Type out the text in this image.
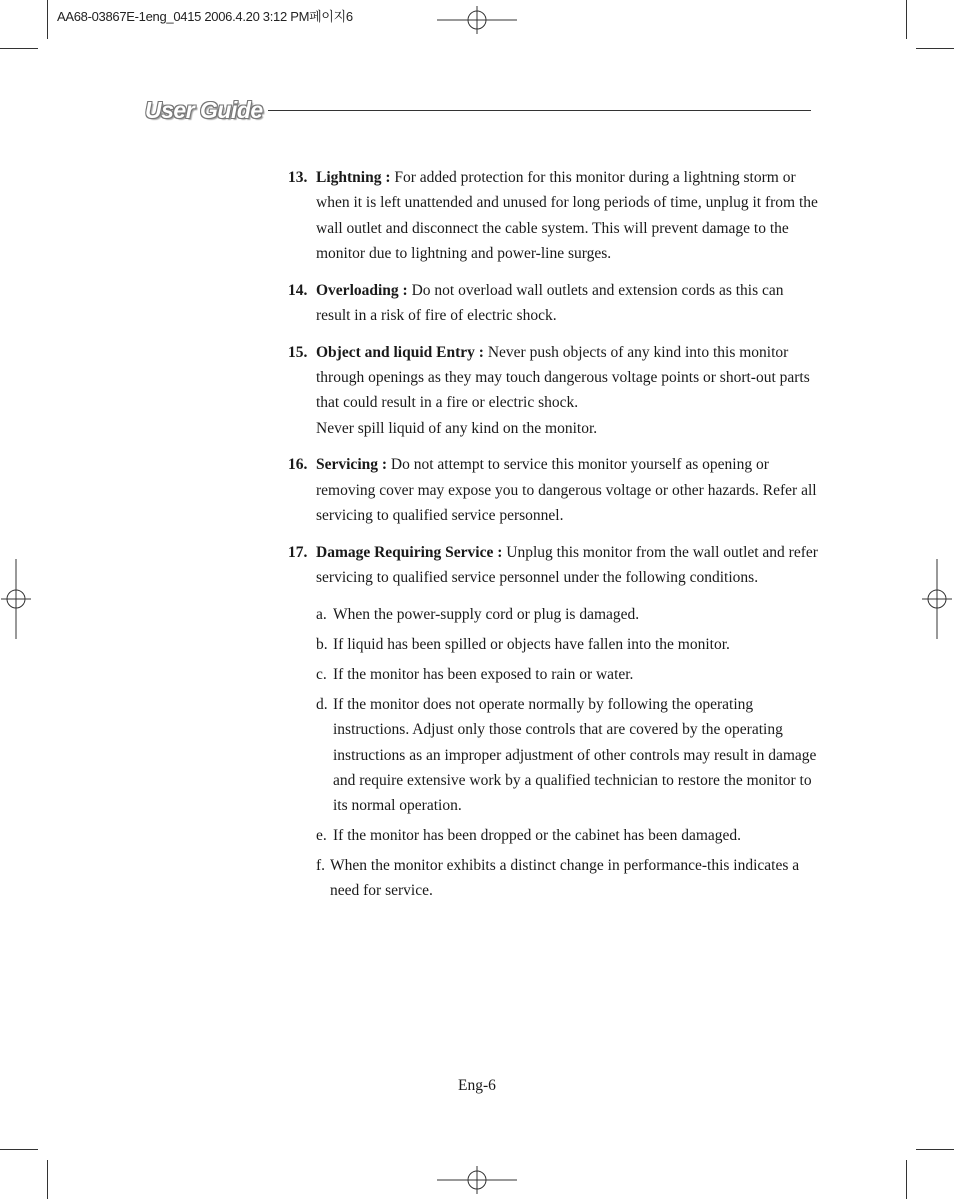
AA68-03867E-1eng_0415 2006.4.20 3:12 PM페이지6
User Guide
13. Lightning : For added protection for this monitor during a lightning storm or when it is left unattended and unused for long periods of time, unplug it from the wall outlet and disconnect the cable system. This will prevent damage to the monitor due to lightning and power-line surges.
14. Overloading : Do not overload wall outlets and extension cords as this can result in a risk of fire of electric shock.
15. Object and liquid Entry : Never push objects of any kind into this monitor through openings as they may touch dangerous voltage points or short-out parts that could result in a fire or electric shock.
Never spill liquid of any kind on the monitor.
16. Servicing : Do not attempt to service this monitor yourself as opening or removing cover may expose you to dangerous voltage or other hazards. Refer all servicing to qualified service personnel.
17. Damage Requiring Service : Unplug this monitor from the wall outlet and refer servicing to qualified service personnel under the following conditions.
a. When the power-supply cord or plug is damaged.
b. If liquid has been spilled or objects have fallen into the monitor.
c. If the monitor has been exposed to rain or water.
d. If the monitor does not operate normally by following the operating instructions. Adjust only those controls that are covered by the operating instructions as an improper adjustment of other controls may result in damage and require extensive work by a qualified technician to restore the monitor to its normal operation.
e. If the monitor has been dropped or the cabinet has been damaged.
f. When the monitor exhibits a distinct change in performance-this indicates a need for service.
Eng-6
